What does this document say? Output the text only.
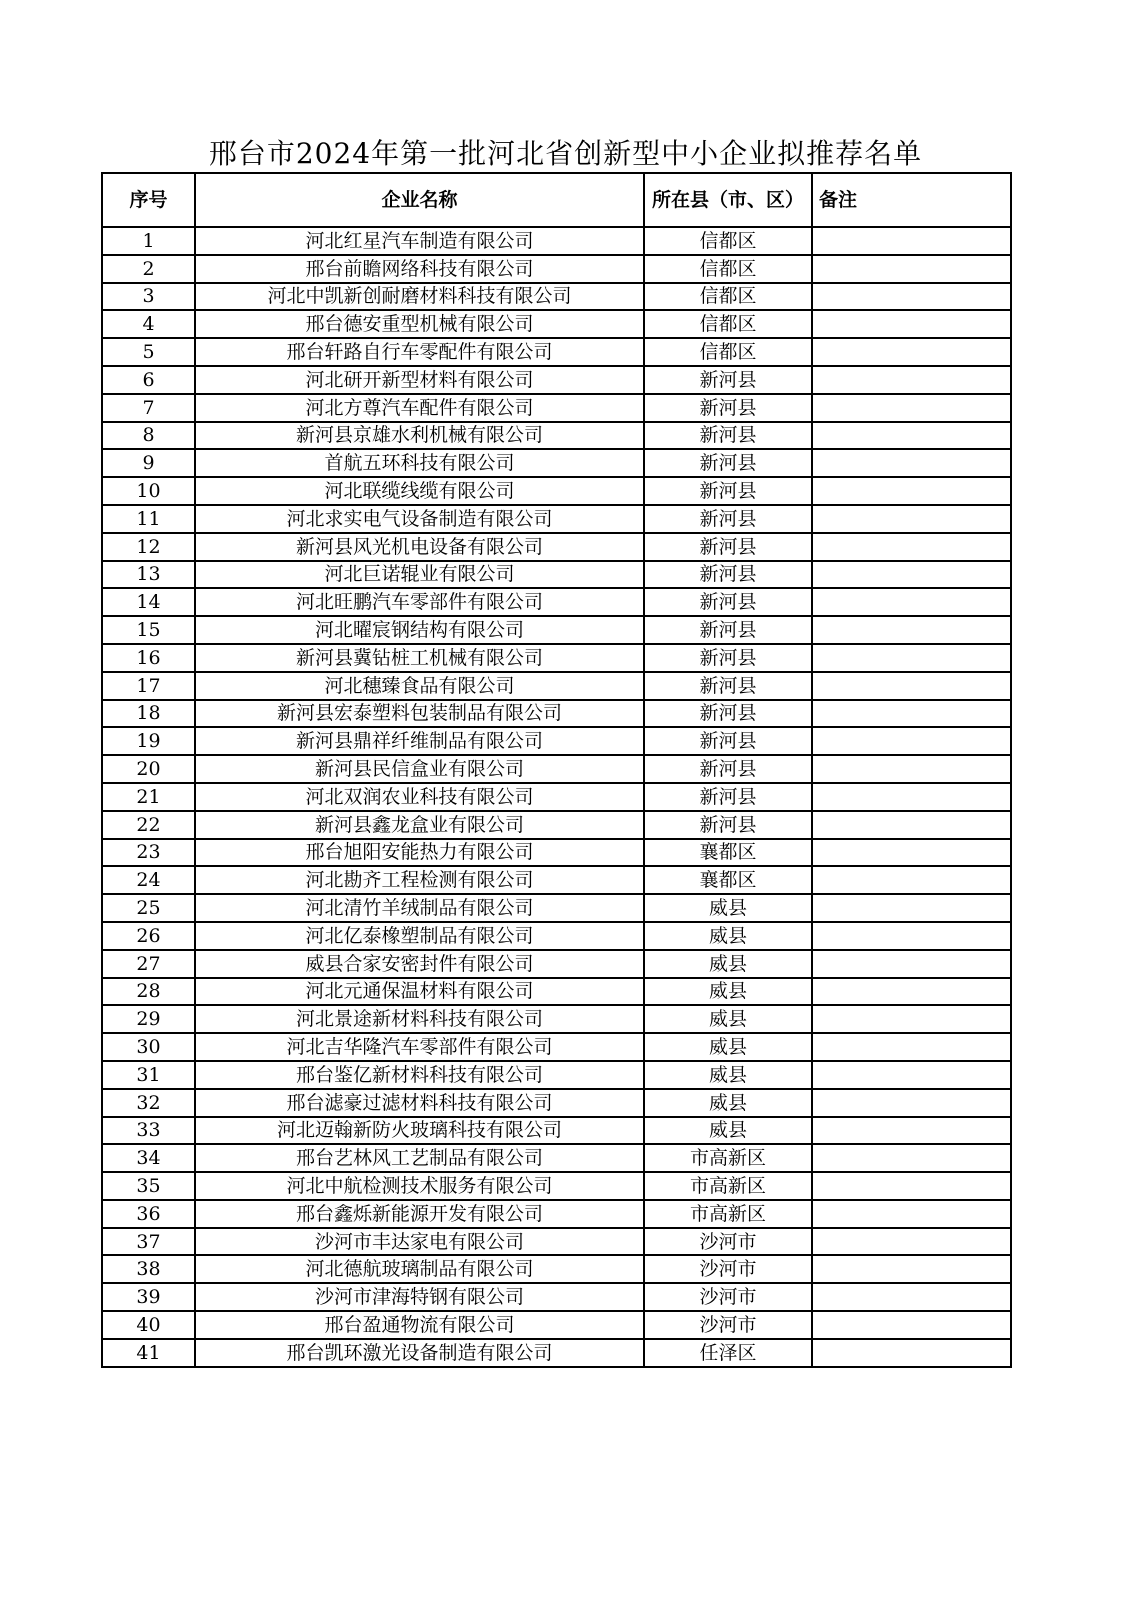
邢台市2024年第一批河北省创新型中小企业拟推荐名单
序号	企业名称	所在县（市、区）	备注
1	河北红星汽车制造有限公司	信都区	
2	邢台前瞻网络科技有限公司	信都区	
3	河北中凯新创耐磨材料科技有限公司	信都区	
4	邢台德安重型机械有限公司	信都区	
5	邢台轩路自行车零配件有限公司	信都区	
6	河北研开新型材料有限公司	新河县	
7	河北方尊汽车配件有限公司	新河县	
8	新河县京雄水利机械有限公司	新河县	
9	首航五环科技有限公司	新河县	
10	河北联缆线缆有限公司	新河县	
11	河北求实电气设备制造有限公司	新河县	
12	新河县风光机电设备有限公司	新河县	
13	河北巨诺辊业有限公司	新河县	
14	河北旺鹏汽车零部件有限公司	新河县	
15	河北曜宸钢结构有限公司	新河县	
16	新河县冀钻桩工机械有限公司	新河县	
17	河北穗臻食品有限公司	新河县	
18	新河县宏泰塑料包装制品有限公司	新河县	
19	新河县鼎祥纤维制品有限公司	新河县	
20	新河县民信盒业有限公司	新河县	
21	河北双润农业科技有限公司	新河县	
22	新河县鑫龙盒业有限公司	新河县	
23	邢台旭阳安能热力有限公司	襄都区	
24	河北勘齐工程检测有限公司	襄都区	
25	河北清竹羊绒制品有限公司	威县	
26	河北亿泰橡塑制品有限公司	威县	
27	威县合家安密封件有限公司	威县	
28	河北元通保温材料有限公司	威县	
29	河北景途新材料科技有限公司	威县	
30	河北吉华隆汽车零部件有限公司	威县	
31	邢台鉴亿新材料科技有限公司	威县	
32	邢台滤豪过滤材料科技有限公司	威县	
33	河北迈翰新防火玻璃科技有限公司	威县	
34	邢台艺林风工艺制品有限公司	市高新区	
35	河北中航检测技术服务有限公司	市高新区	
36	邢台鑫烁新能源开发有限公司	市高新区	
37	沙河市丰达家电有限公司	沙河市	
38	河北德航玻璃制品有限公司	沙河市	
39	沙河市津海特钢有限公司	沙河市	
40	邢台盈通物流有限公司	沙河市	
41	邢台凯环激光设备制造有限公司	任泽区	
